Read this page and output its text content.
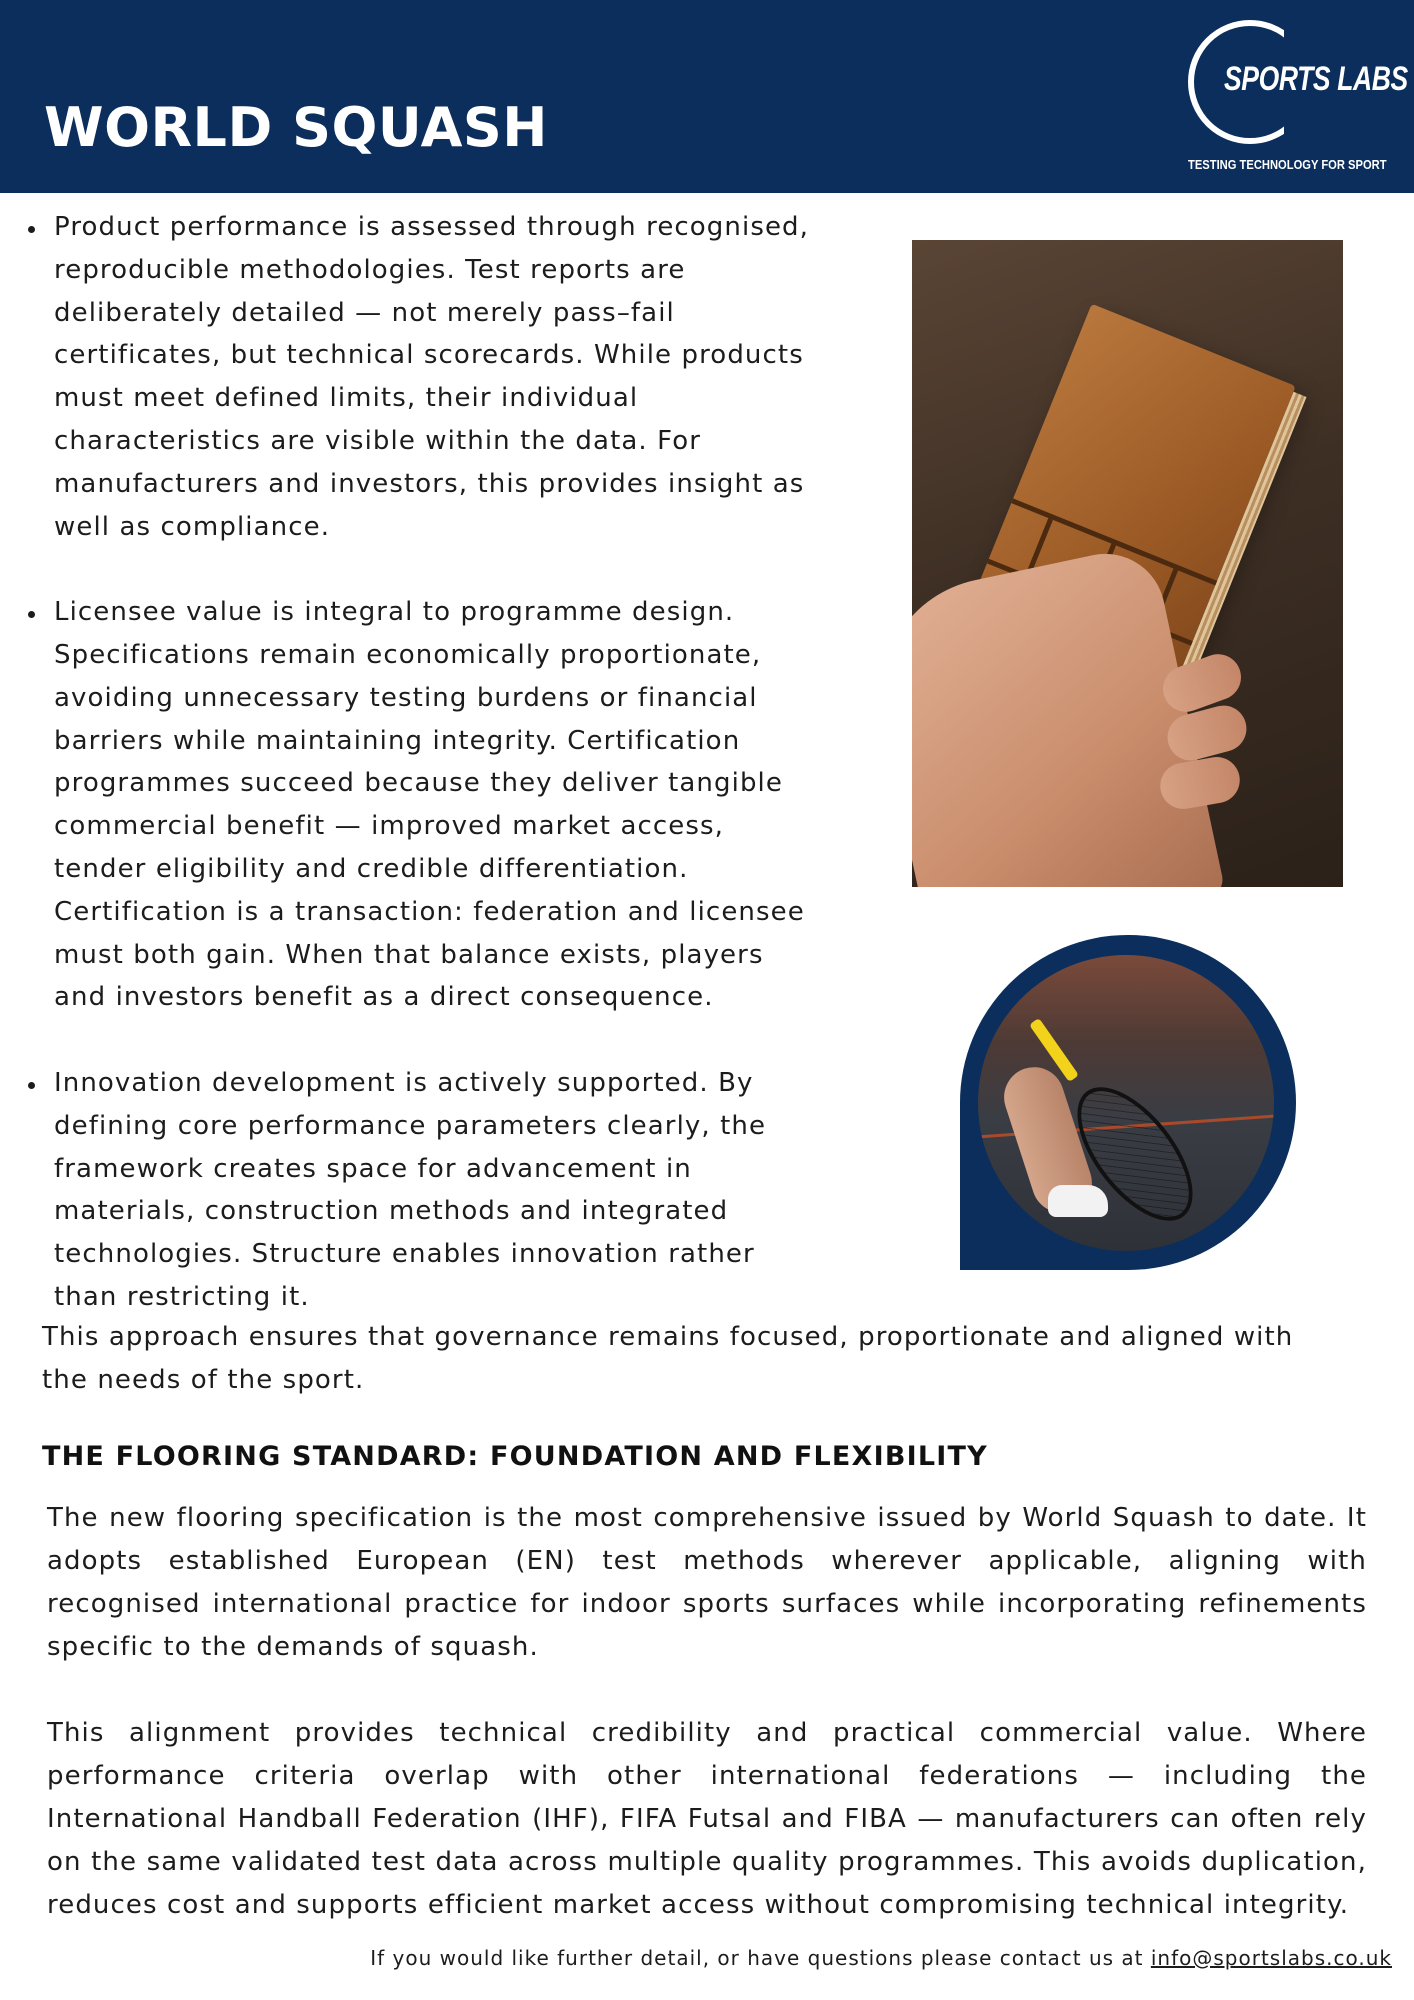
WORLD SQUASH
SPORTS LABS
TESTING TECHNOLOGY FOR SPORT
Product performance is assessed through recognised, reproducible methodologies. Test reports are deliberately detailed — not merely pass–fail certificates, but technical scorecards. While products must meet defined limits, their individual characteristics are visible within the data. For manufacturers and investors, this provides insight as well as compliance.
Licensee value is integral to programme design. Specifications remain economically proportionate, avoiding unnecessary testing burdens or financial barriers while maintaining integrity. Certification programmes succeed because they deliver tangible commercial benefit — improved market access, tender eligibility and credible differentiation. Certification is a transaction: federation and licensee must both gain. When that balance exists, players and investors benefit as a direct consequence.
Innovation development is actively supported. By defining core performance parameters clearly, the framework creates space for advancement in materials, construction methods and integrated technologies. Structure enables innovation rather than restricting it.

This approach ensures that governance remains focused, proportionate and aligned with the needs of the sport.

THE FLOORING STANDARD: FOUNDATION AND FLEXIBILITY

The new flooring specification is the most comprehensive issued by World Squash to date. It adopts established European (EN) test methods wherever applicable, aligning with recognised international practice for indoor sports surfaces while incorporating refinements specific to the demands of squash.

This alignment provides technical credibility and practical commercial value. Where performance criteria overlap with other international federations — including the International Handball Federation (IHF), FIFA Futsal and FIBA — manufacturers can often rely on the same validated test data across multiple quality programmes. This avoids duplication, reduces cost and supports efficient market access without compromising technical integrity.

If you would like further detail, or have questions please contact us at info@sportslabs.co.uk
